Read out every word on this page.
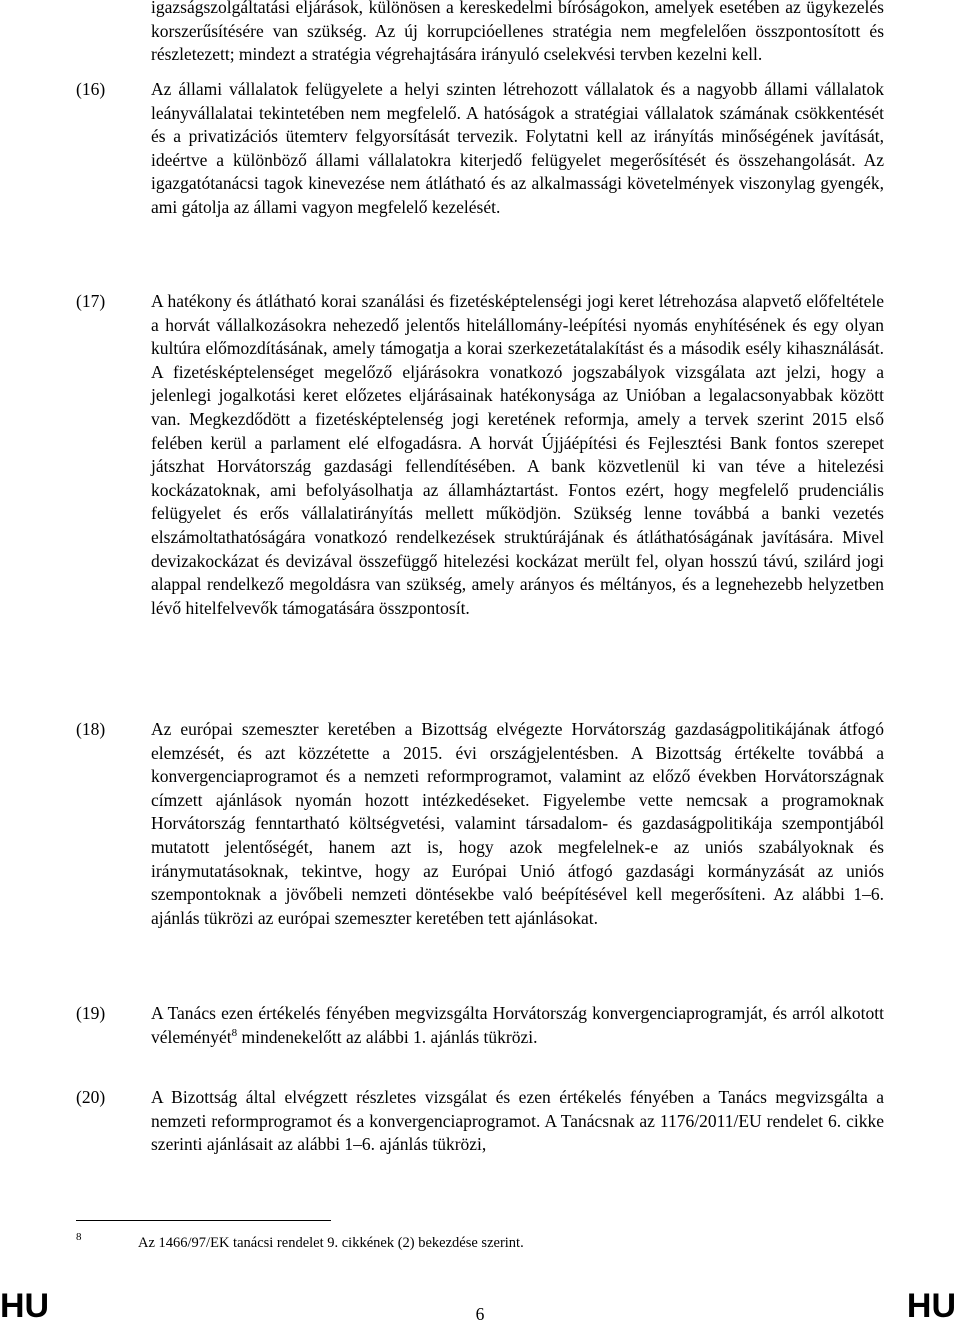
igazságszolgáltatási eljárások, különösen a kereskedelmi bíróságokon, amelyek esetében az ügykezelés korszerűsítésére van szükség. Az új korrupcióellenes stratégia nem megfelelően összpontosított és részletezett; mindezt a stratégia végrehajtására irányuló cselekvési tervben kezelni kell.
(16)	Az állami vállalatok felügyelete a helyi szinten létrehozott vállalatok és a nagyobb állami vállalatok leányvállalatai tekintetében nem megfelelő. A hatóságok a stratégiai vállalatok számának csökkentését és a privatizációs ütemterv felgyorsítását tervezik. Folytatni kell az irányítás minőségének javítását, ideértve a különböző állami vállalatokra kiterjedő felügyelet megerősítését és összehangolását. Az igazgatótanácsi tagok kinevezése nem átlátható és az alkalmassági követelmények viszonylag gyengék, ami gátolja az állami vagyon megfelelő kezelését.
(17)	A hatékony és átlátható korai szanálási és fizetésképtelenségi jogi keret létrehozása alapvető előfeltétele a horvát vállalkozásokra nehezedő jelentős hitelállomány-leépítési nyomás enyhítésének és egy olyan kultúra előmozdításának, amely támogatja a korai szerkezetátalakítást és a második esély kihasználását. A fizetésképtelenséget megelőző eljárásokra vonatkozó jogszabályok vizsgálata azt jelzi, hogy a jelenlegi jogalkotási keret előzetes eljárásainak hatékonysága az Unióban a legalacsonyabbak között van. Megkezdődött a fizetésképtelenség jogi keretének reformja, amely a tervek szerint 2015 első felében kerül a parlament elé elfogadásra. A horvát Újjáépítési és Fejlesztési Bank fontos szerepet játszhat Horvátország gazdasági fellendítésében. A bank közvetlenül ki van téve a hitelezési kockázatoknak, ami befolyásolhatja az államháztartást. Fontos ezért, hogy megfelelő prudenciális felügyelet és erős vállalatirányítás mellett működjön. Szükség lenne továbbá a banki vezetés elszámoltathatóságára vonatkozó rendelkezések struktúrájának és átláthatóságának javítására. Mivel devizakockázat és devizával összefüggő hitelezési kockázat merült fel, olyan hosszú távú, szilárd jogi alappal rendelkező megoldásra van szükség, amely arányos és méltányos, és a legnehezebb helyzetben lévő hitelfelvevők támogatására összpontosít.
(18)	Az európai szemeszter keretében a Bizottság elvégezte Horvátország gazdaságpolitikájának átfogó elemzését, és azt közzétette a 2015. évi országjelentésben. A Bizottság értékelte továbbá a konvergenciaprogramot és a nemzeti reformprogramot, valamint az előző években Horvátországnak címzett ajánlások nyomán hozott intézkedéseket. Figyelembe vette nemcsak a programoknak Horvátország fenntartható költségvetési, valamint társadalom- és gazdaságpolitikája szempontjából mutatott jelentőségét, hanem azt is, hogy azok megfelelnek-e az uniós szabályoknak és iránymutatásoknak, tekintve, hogy az Európai Unió átfogó gazdasági kormányzását az uniós szempontoknak a jövőbeli nemzeti döntésekbe való beépítésével kell megerősíteni. Az alábbi 1–6. ajánlás tükrözi az európai szemeszter keretében tett ajánlásokat.
(19)	A Tanács ezen értékelés fényében megvizsgálta Horvátország konvergenciaprogramját, és arról alkotott véleményét$^8$ mindenekelőtt az alábbi 1. ajánlás tükrözi.
(20)	A Bizottság által elvégzett részletes vizsgálat és ezen értékelés fényében a Tanács megvizsgálta a nemzeti reformprogramot és a konvergenciaprogramot. A Tanácsnak az 1176/2011/EU rendelet 6. cikke szerinti ajánlásait az alábbi 1–6. ajánlás tükrözi,
8	Az 1466/97/EK tanácsi rendelet 9. cikkének (2) bekezdése szerint.
HU	6	HU
